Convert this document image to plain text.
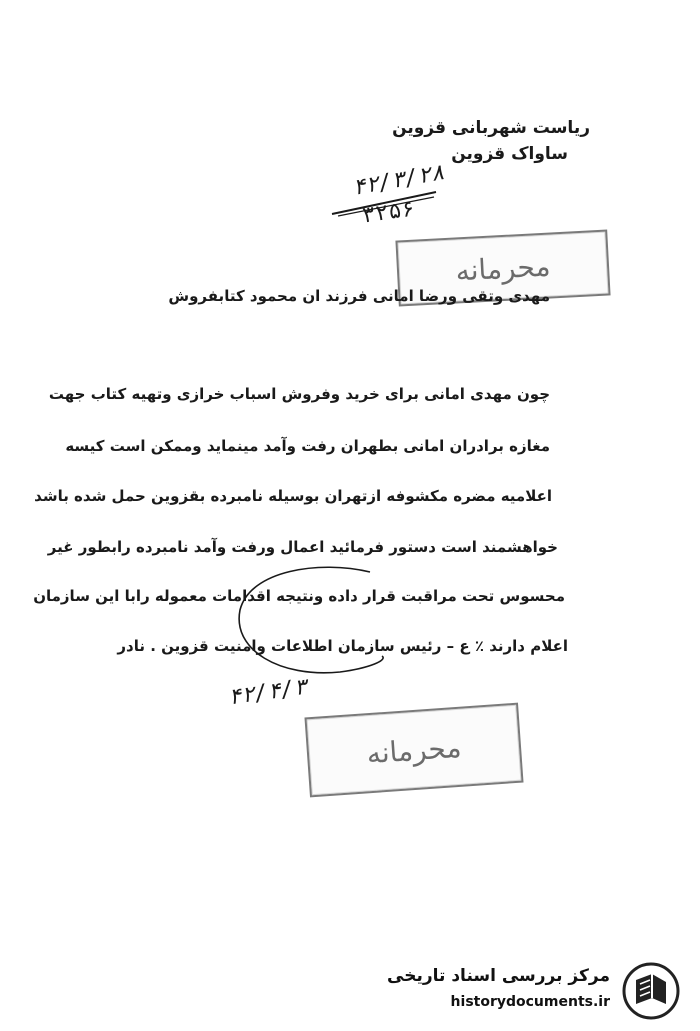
ریاست شهربانی قزوین
ساواک قزوین
۴۲/۳/۲۸
۳۲۵۶
محرمانه
مهدی وتقی ورضا امانی فرزند ان محمود کتابفروش
چون مهدی امانی برای خرید وفروش اسباب خرازی وتهیه کتاب جهت
مغازه برادران امانی بطهران رفت وآمد مینماید وممکن است کیسه
اعلامیه مضره مکشوفه ازتهران بوسیله نامبرده بقزوین حمل شده باشد
خواهشمند است دستور فرمائید اعمال ورفت وآمد نامبرده رابطور غیر
محسوس تحت مراقبت قرار داده ونتیجه اقدامات معموله رابا این سازمان
اعلام دارند ٪ ع – رئیس سازمان اطلاعات وامنیت قزوین . نادر
۴۲/۴/۳
محرمانه
مرکز بررسی اسناد تاریخی
historydocuments.ir
